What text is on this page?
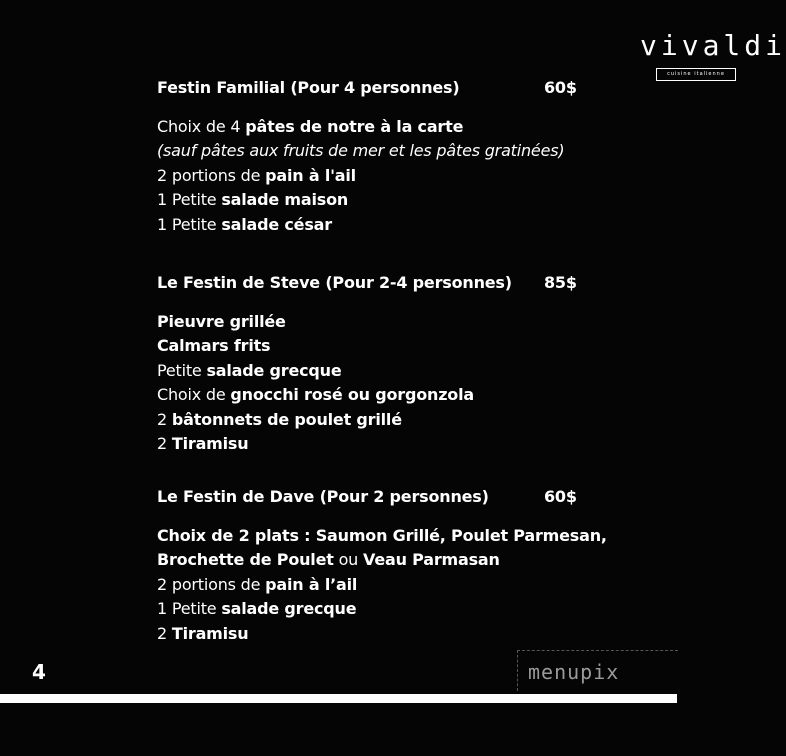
vivaldi
cuisine italienne
Festin Familial (Pour 4 personnes)	60$
Choix de 4 pâtes de notre à la carte
(sauf pâtes aux fruits de mer et les pâtes gratinées)
2 portions de pain à l'ail
1 Petite salade maison
1 Petite salade césar
Le Festin de Steve (Pour 2-4 personnes) 85$
Pieuvre grillée
Calmars frits
Petite salade grecque
Choix de gnocchi rosé ou gorgonzola
2 bâtonnets de poulet grillé
2 Tiramisu
Le Festin de Dave (Pour 2 personnes)	60$
Choix de 2 plats : Saumon Grillé, Poulet Parmesan,
Brochette de Poulet ou Veau Parmasan
2 portions de pain à l’ail
1 Petite salade grecque
2 Tiramisu
4	menupix
